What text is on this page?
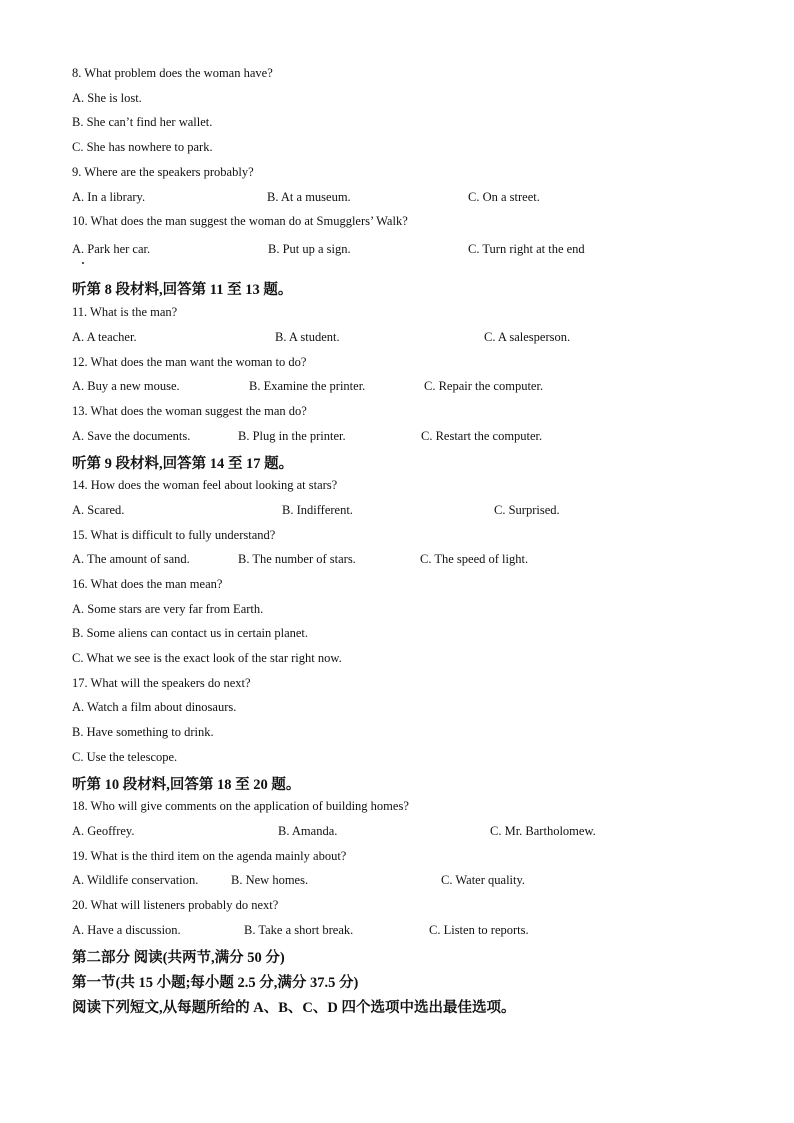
8. What problem does the woman have?
A. She is lost.
B. She can’t find her wallet.
C. She has nowhere to park.
9. Where are the speakers probably?
A. In a library.	B. At a museum.	C. On a street.
10. What does the man suggest the woman do at Smugglers’ Walk?
A. Park her car.	B. Put up a sign.	C. Turn right at the end
听第 8 段材料,回答第 11 至 13 题。
11. What is the man?
A. A teacher.	B. A student.	C. A salesperson.
12. What does the man want the woman to do?
A. Buy a new mouse.	B. Examine the printer.	C. Repair the computer.
13. What does the woman suggest the man do?
A. Save the documents.	B. Plug in the printer.	C. Restart the computer.
听第 9 段材料,回答第 14 至 17 题。
14. How does the woman feel about looking at stars?
A. Scared.	B. Indifferent.	C. Surprised.
15. What is difficult to fully understand?
A. The amount of sand.	B. The number of stars.	C. The speed of light.
16. What does the man mean?
A. Some stars are very far from Earth.
B. Some aliens can contact us in certain planet.
C. What we see is the exact look of the star right now.
17. What will the speakers do next?
A. Watch a film about dinosaurs.
B. Have something to drink.
C. Use the telescope.
听第 10 段材料,回答第 18 至 20 题。
18. Who will give comments on the application of building homes?
A. Geoffrey.	B. Amanda.	C. Mr. Bartholomew.
19. What is the third item on the agenda mainly about?
A. Wildlife conservation.	B. New homes.	C. Water quality.
20. What will listeners probably do next?
A. Have a discussion.	B. Take a short break.	C. Listen to reports.
第二部分 阅读(共两节,满分 50 分)
第一节(共 15 小题;每小题 2.5 分,满分 37.5 分)
阅读下列短文,从每题所给的 A、B、C、D 四个选项中选出最佳选项。
